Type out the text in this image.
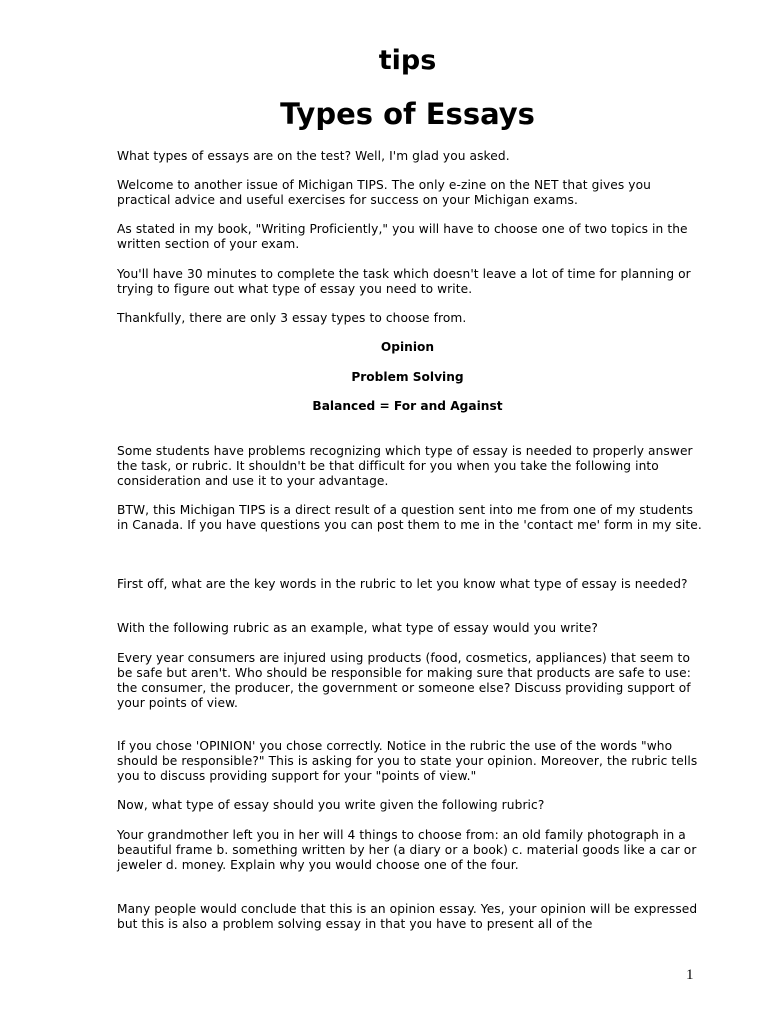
tips
Types of Essays

What types of essays are on the test? Well, I'm glad you asked.

Welcome to another issue of Michigan TIPS. The only e-zine on the NET that gives you practical advice and useful exercises for success on your Michigan exams.

As stated in my book, "Writing Proficiently," you will have to choose one of two topics in the written section of your exam.

You'll have 30 minutes to complete the task which doesn't leave a lot of time for planning or trying to figure out what type of essay you need to write.

Thankfully, there are only 3 essay types to choose from.

Opinion

Problem Solving

Balanced = For and Against

Some students have problems recognizing which type of essay is needed to properly answer the task, or rubric. It shouldn't be that difficult for you when you take the following into consideration and use it to your advantage.

BTW, this Michigan TIPS is a direct result of a question sent into me from one of my students in Canada. If you have questions you can post them to me in the 'contact me' form in my site.

First off, what are the key words in the rubric to let you know what type of essay is needed?

With the following rubric as an example, what type of essay would you write?

Every year consumers are injured using products (food, cosmetics, appliances) that seem to be safe but aren't. Who should be responsible for making sure that products are safe to use: the consumer, the producer, the government or someone else? Discuss providing support of your points of view.

If you chose 'OPINION' you chose correctly. Notice in the rubric the use of the words "who should be responsible?" This is asking for you to state your opinion. Moreover, the rubric tells you to discuss providing support for your "points of view."

Now, what type of essay should you write given the following rubric?

Your grandmother left you in her will 4 things to choose from: an old family photograph in a beautiful frame b. something written by her (a diary or a book) c. material goods like a car or jeweler d. money. Explain why you would choose one of the four.

Many people would conclude that this is an opinion essay. Yes, your opinion will be expressed but this is also a problem solving essay in that you have to present all of the

1
